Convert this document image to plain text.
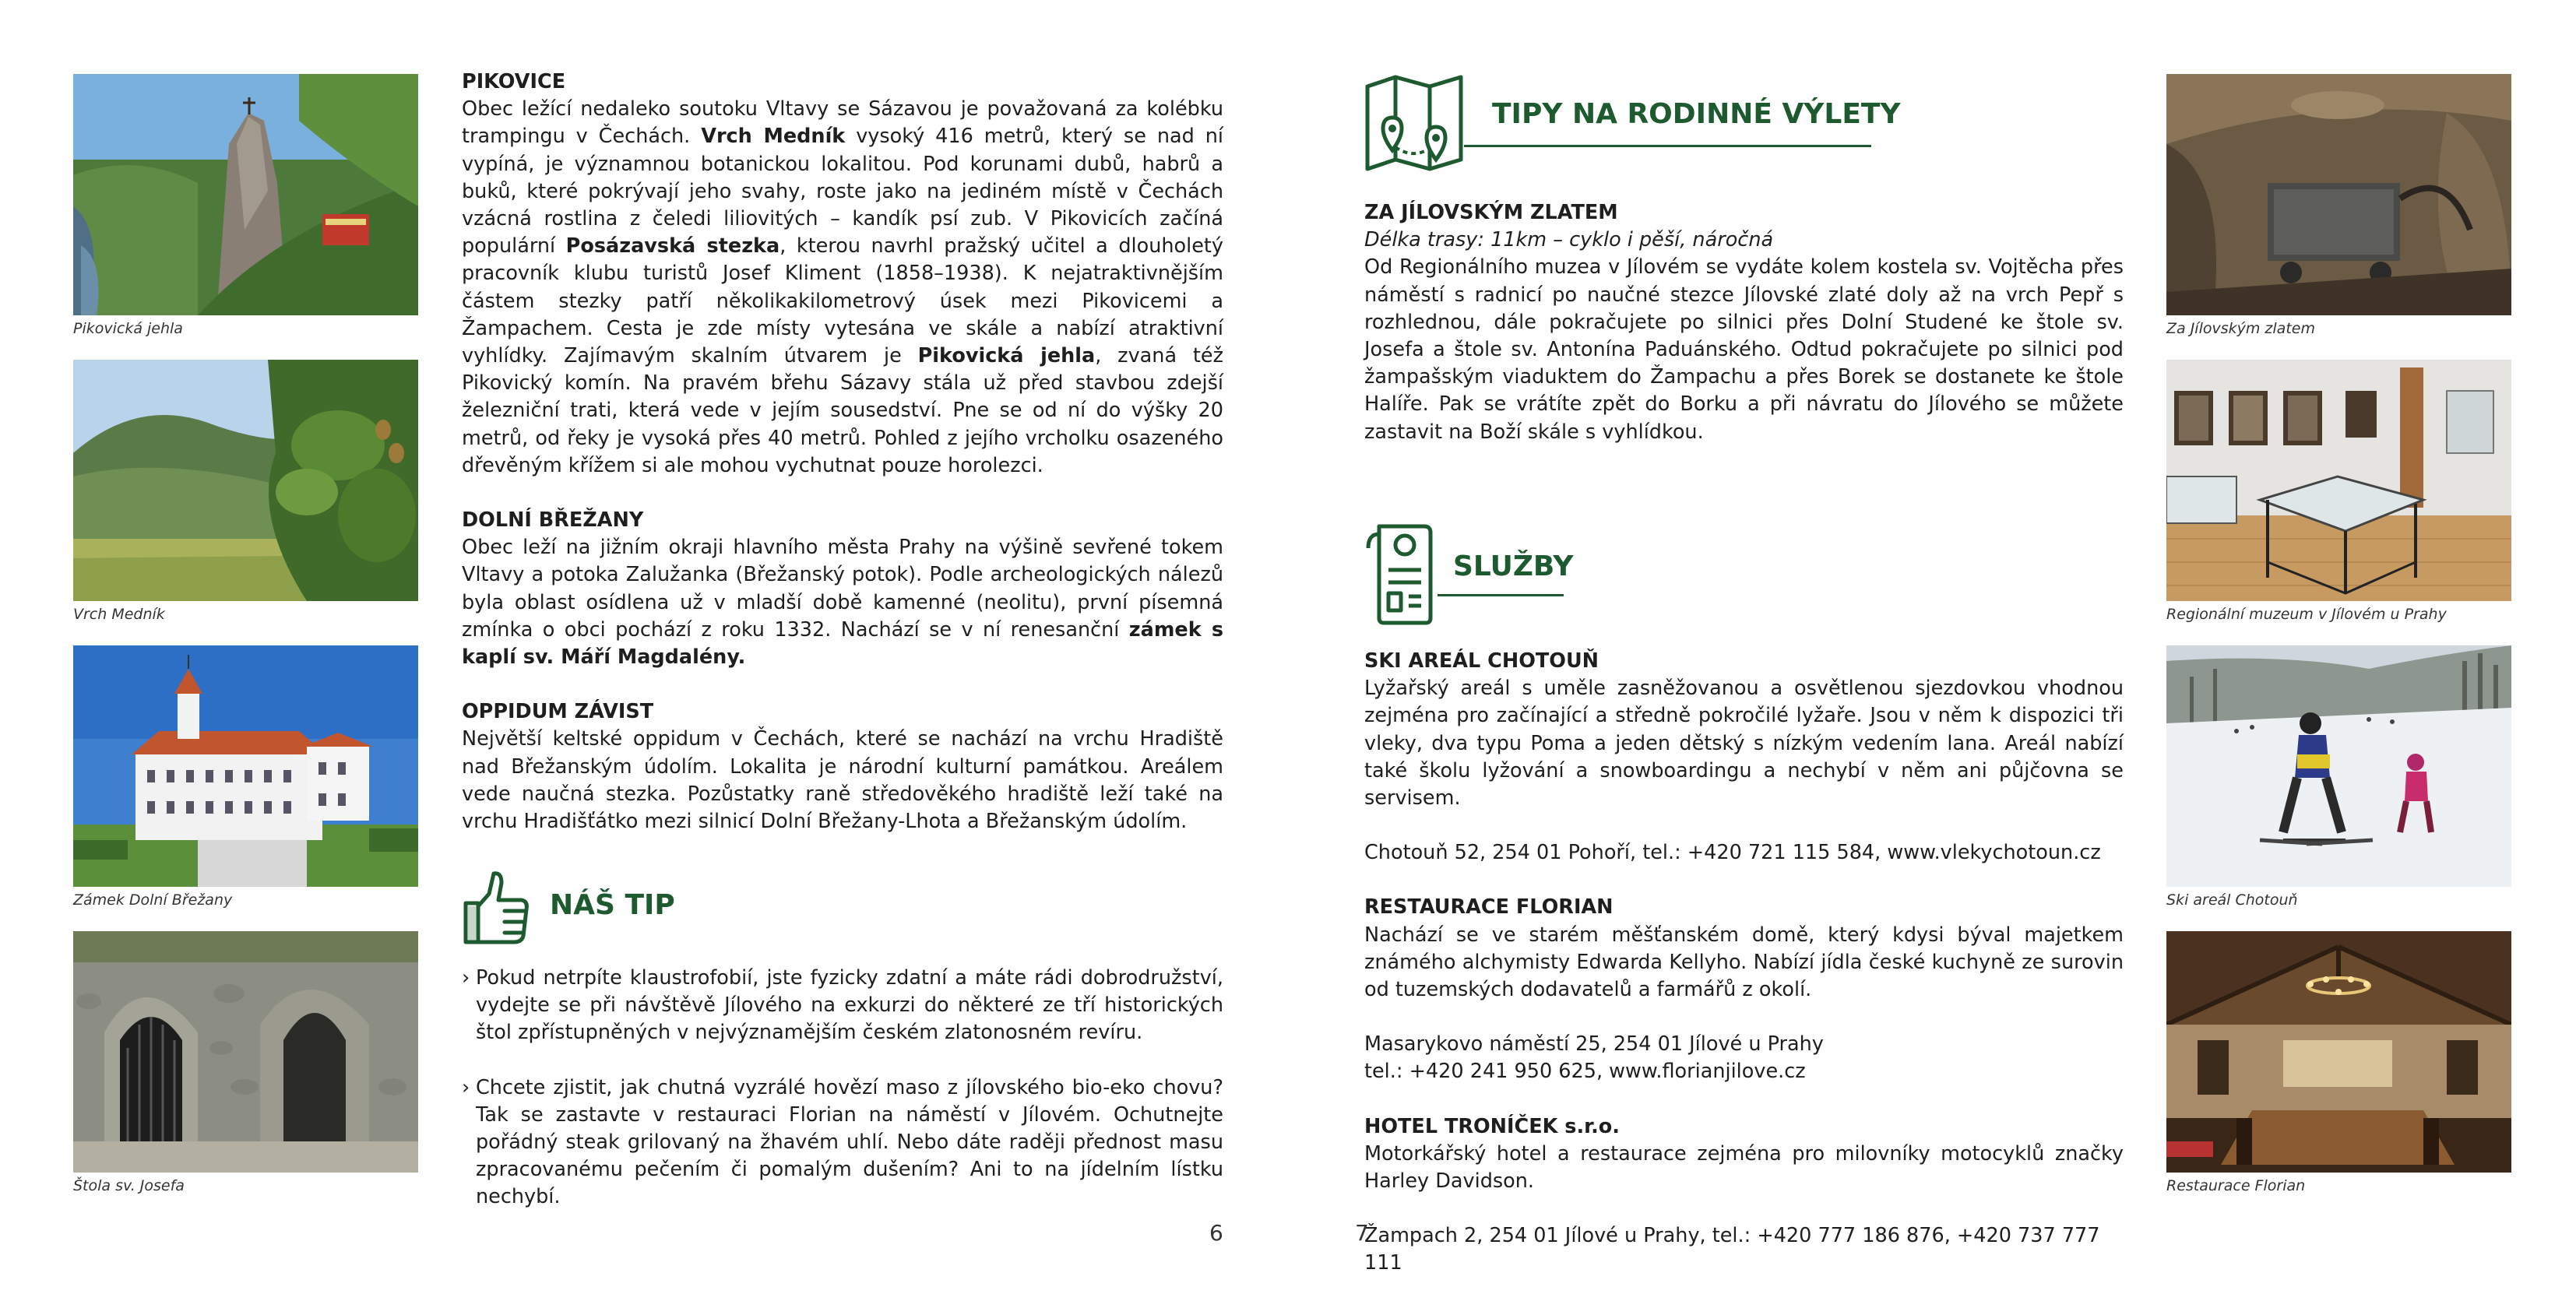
Pikovická jehla
Vrch Medník
Zámek Dolní Břežany
Štola sv. Josefa
PIKOVICE
Obec ležící nedaleko soutoku Vltavy se Sázavou je považovaná za kolébku trampingu v Čechách. Vrch Medník vysoký 416 metrů, který se nad ní vypíná, je významnou botanickou lokalitou. Pod korunami dubů, habrů a buků, které pokrývají jeho svahy, roste jako na jediném místě v Čechách vzácná rostlina z čeledi liliovitých – kandík psí zub. V Pikovicích začíná populární Posázavská stezka, kterou navrhl pražský učitel a dlouholetý pracovník klubu turistů Josef Kliment (1858–1938). K nejatraktivnějším částem stezky patří několikakilometrový úsek mezi Pikovicemi a Žampachem. Cesta je zde místy vytesána ve skále a nabízí atraktivní vyhlídky. Zajímavým skalním útvarem je Pikovická jehla, zvaná též Pikovický komín. Na pravém břehu Sázavy stála už před stavbou zdejší železniční trati, která vede v jejím sousedství. Pne se od ní do výšky 20 metrů, od řeky je vysoká přes 40 metrů. Pohled z jejího vrcholku osazeného dřevěným křížem si ale mohou vychutnat pouze horolezci.
DOLNÍ BŘEŽANY
Obec leží na jižním okraji hlavního města Prahy na výšině sevřené tokem Vltavy a potoka Zalužanka (Břežanský potok). Podle archeologických nálezů byla oblast osídlena už v mladší době kamenné (neolitu), první písemná zmínka o obci pochází z roku 1332. Nachází se v ní renesanční zámek s kaplí sv. Máří Magdalény.
OPPIDUM ZÁVIST
Největší keltské oppidum v Čechách, které se nachází na vrchu Hradiště nad Břežanským údolím. Lokalita je národní kulturní památkou. Areálem vede naučná stezka. Pozůstatky raně středověkého hradiště leží také na vrchu Hradišťátko mezi silnicí Dolní Břežany-Lhota a Břežanským údolím.
NÁŠ TIP
› Pokud netrpíte klaustrofobií, jste fyzicky zdatní a máte rádi dobrodružství, vydejte se při návštěvě Jílového na exkurzi do některé ze tří historických štol zpřístupněných v nejvýznamějším českém zlatonosném revíru.
› Chcete zjistit, jak chutná vyzrálé hovězí maso z jílovského bio-eko chovu? Tak se zastavte v restauraci Florian na náměstí v Jílovém. Ochutnejte pořádný steak grilovaný na žhavém uhlí. Nebo dáte raději přednost masu zpracovanému pečením či pomalým dušením? Ani to na jídelním lístku nechybí.
6
TIPY NA RODINNÉ VÝLETY
ZA JÍLOVSKÝM ZLATEM
Délka trasy: 11km – cyklo i pěší, náročná
Od Regionálního muzea v Jílovém se vydáte kolem kostela sv. Vojtěcha přes náměstí s radnicí po naučné stezce Jílovské zlaté doly až na vrch Pepř s rozhlednou, dále pokračujete po silnici přes Dolní Studené ke štole sv. Josefa a štole sv. Antonína Paduánského. Odtud pokračujete po silnici pod žampašským viaduktem do Žampachu a přes Borek se dostanete ke štole Halíře. Pak se vrátíte zpět do Borku a při návratu do Jílového se můžete zastavit na Boží skále s vyhlídkou.
SLUŽBY
SKI AREÁL CHOTOUŇ
Lyžařský areál s uměle zasněžovanou a osvětlenou sjezdovkou vhodnou zejména pro začínající a středně pokročilé lyžaře. Jsou v něm k dispozici tři vleky, dva typu Poma a jeden dětský s nízkým vedením lana. Areál nabízí také školu lyžování a snowboardingu a nechybí v něm ani půjčovna se servisem.
Chotouň 52, 254 01 Pohoří, tel.: +420 721 115 584, www.vlekychotoun.cz
RESTAURACE FLORIAN
Nachází se ve starém měšťanském domě, který kdysi býval majetkem známého alchymisty Edwarda Kellyho. Nabízí jídla české kuchyně ze surovin od tuzemských dodavatelů a farmářů z okolí.
Masarykovo náměstí 25, 254 01 Jílové u Prahy
tel.: +420 241 950 625, www.florianjilove.cz
HOTEL TRONÍČEK s.r.o.
Motorkářský hotel a restaurace zejména pro milovníky motocyklů značky Harley Davidson.
Žampach 2, 254 01 Jílové u Prahy, tel.: +420 777 186 876, +420 737 777 111
7
Za Jílovským zlatem
Regionální muzeum v Jílovém u Prahy
Ski areál Chotouň
Restaurace Florian
